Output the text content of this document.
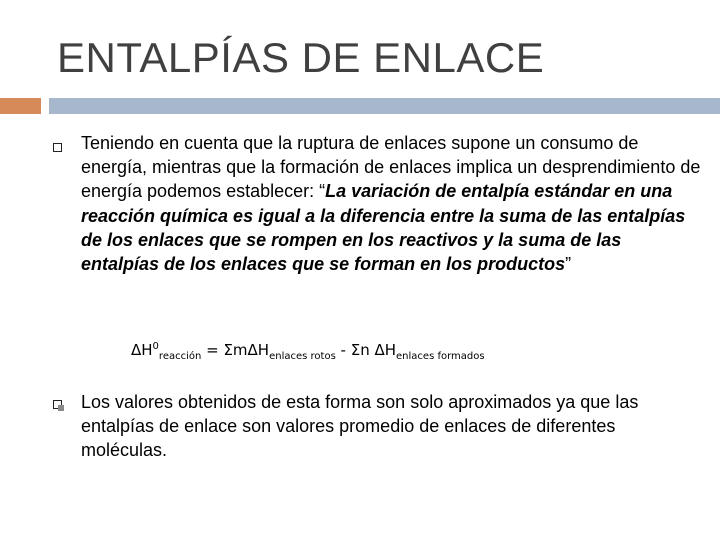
ENTALPÍAS DE ENLACE
Teniendo en cuenta que la ruptura de enlaces supone un consumo de energía, mientras que la formación de enlaces implica un desprendimiento de energía podemos establecer: “La variación de entalpía estándar en una reacción química es igual a la diferencia entre la suma de las entalpías de los enlaces que se rompen en los reactivos y la suma de las entalpías de los enlaces que se forman en los productos”
$\Delta H^0_{reacción} = \Sigma m\Delta H_{enlaces rotos} - \Sigma n$ $\Delta H_{enlaces formados}$
Los valores obtenidos de esta forma son solo aproximados ya que las entalpías de enlace son valores promedio de enlaces de diferentes moléculas.
